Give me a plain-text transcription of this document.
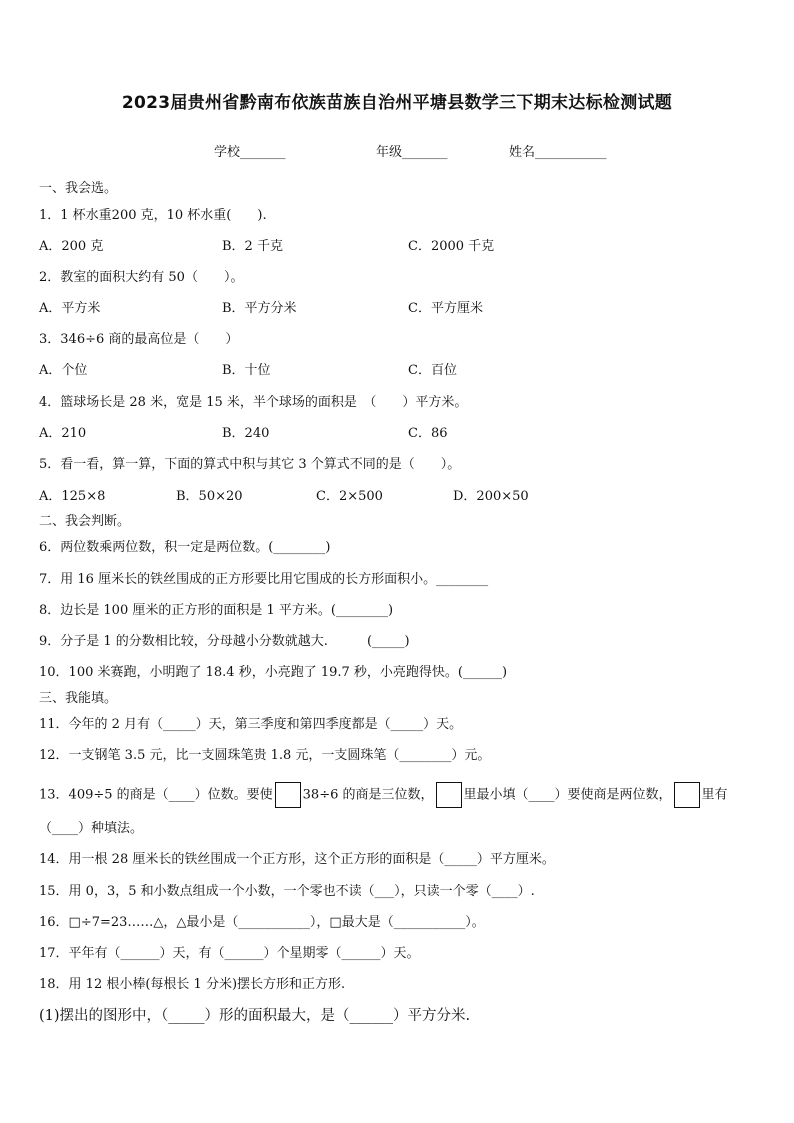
2023届贵州省黔南布依族苗族自治州平塘县数学三下期末达标检测试题
学校_______	年级_______	姓名___________
一、我会选。
1．1 杯水重200 克，10 杯水重(　　).
A．200 克	B．2 千克	C．2000 千克
2．教室的面积大约有 50（　　）。
A．平方米	B．平方分米	C．平方厘米
3．346÷6 商的最高位是（　　）
A．个位	B．十位	C．百位
4．篮球场长是 28 米，宽是 15 米，半个球场的面积是　（　　）平方米。
A．210	B．240	C．86
5．看一看，算一算，下面的算式中积与其它 3 个算式不同的是（　　）。
A．125×8	B．50×20	C．2×500	D．200×50
二、我会判断。
6．两位数乘两位数，积一定是两位数。(________)
7．用 16 厘米长的铁丝围成的正方形要比用它围成的长方形面积小。________
8．边长是 100 厘米的正方形的面积是 1 平方米。(________)
9．分子是 1 的分数相比较，分母越小分数就越大.　　　(_____)
10．100 米赛跑，小明跑了 18.4 秒，小亮跑了 19.7 秒，小亮跑得快。(______)
三、我能填。
11．今年的 2 月有（_____）天，第三季度和第四季度都是（_____）天。
12．一支钢笔 3.5 元，比一支圆珠笔贵 1.8 元，一支圆珠笔（________）元。
13．409÷5 的商是（____）位数。要使 38÷6 的商是三位数， 里最小填（____）要使商是两位数， 里有
（____）种填法。
14．用一根 28 厘米长的铁丝围成一个正方形，这个正方形的面积是（_____）平方厘米。
15．用 0，3，5 和小数点组成一个小数，一个零也不读（___），只读一个零（____）.
16．□÷7=23……△，△最小是（___________），□最大是（___________）。
17．平年有（______）天，有（______）个星期零（______）天。
18．用 12 根小棒(每根长 1 分米)摆长方形和正方形.
(1)摆出的图形中，（_____）形的面积最大，是（______）平方分米.
